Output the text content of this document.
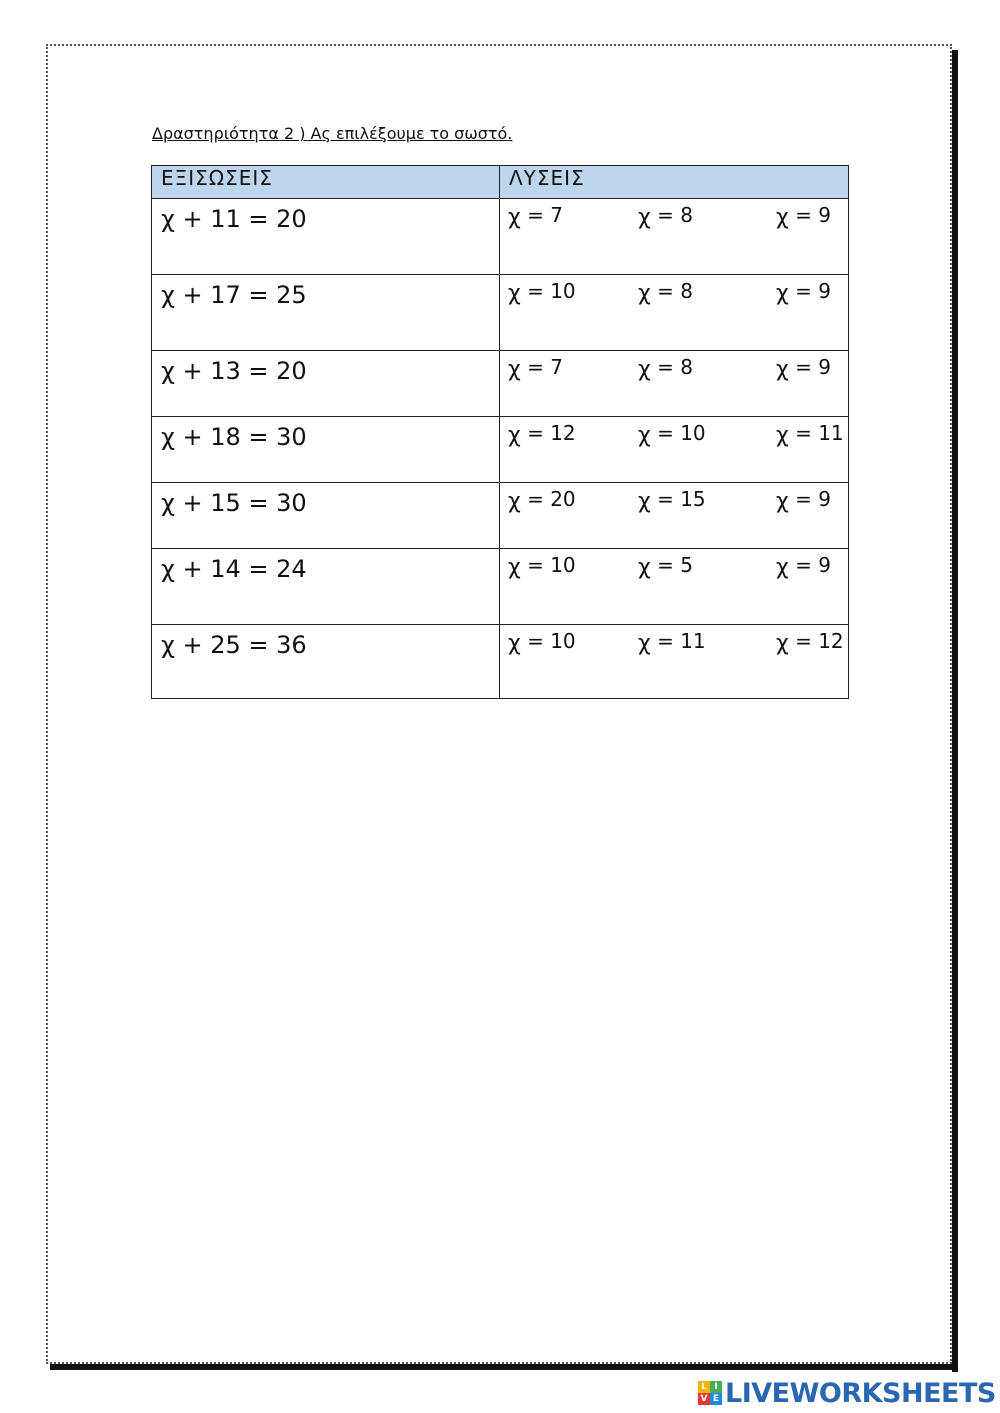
Δραστηριότητα 2 ) Ας επιλέξουμε το σωστό.
ΕΞΙΣΩΣΕΙΣ	ΛΥΣΕΙΣ
χ + 11 = 20	χ = 7 χ = 8 χ = 9

χ + 17 = 25	χ = 10 χ = 8 χ = 9

χ + 13 = 20	χ = 7 χ = 8 χ = 9

χ + 18 = 30	χ = 12 χ = 10 χ = 11

χ + 15 = 30	χ = 20 χ = 15 χ = 9

χ + 14 = 24	χ = 10 χ = 5 χ = 9

χ + 25 = 36	χ = 10 χ = 11 χ = 12
L I
V E LIVEWORKSHEETS
